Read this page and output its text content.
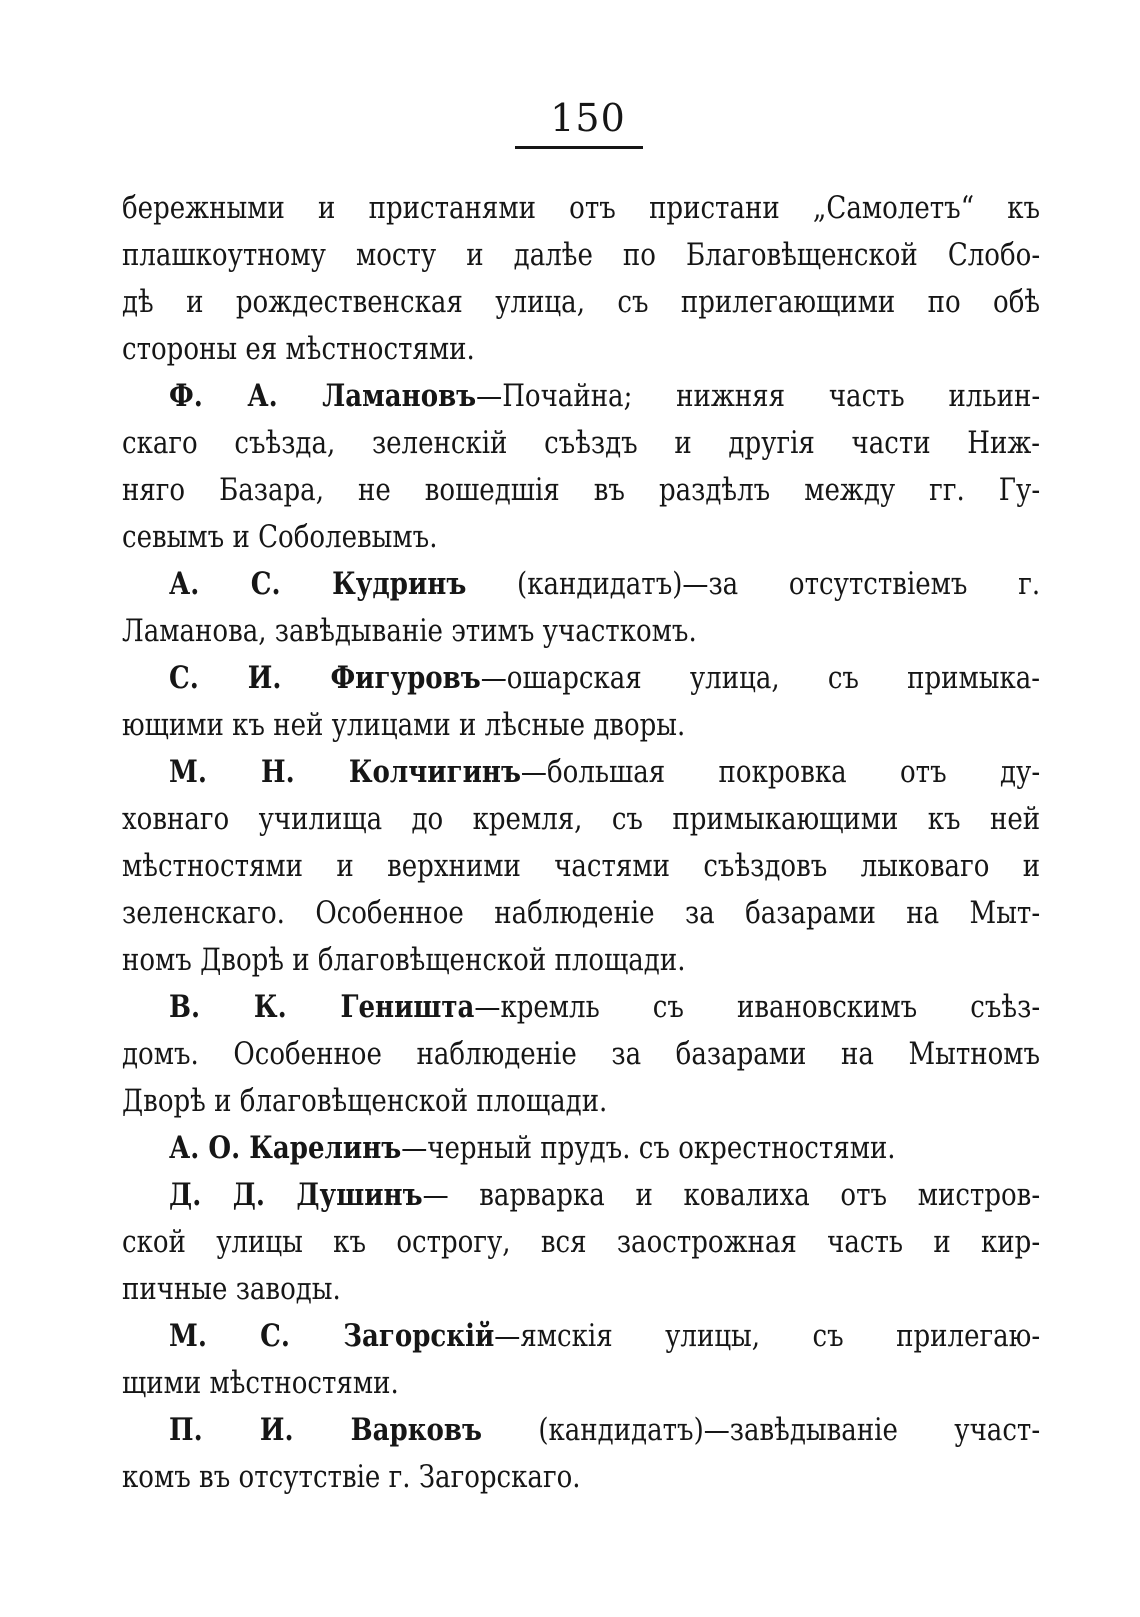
150
бережными и пристанями отъ пристани „Самолетъ“ къ
плашкоутному мосту и далѣе по Благовѣщенской Слобо-
дѣ и рождественская улица, съ прилегающими по обѣ
стороны ея мѣстностями.
Ф. А. Ламановъ—Почайна; нижняя часть ильин-
скаго съѣзда, зеленскій съѣздъ и другія части Ниж-
няго Базара, не вошедшія въ раздѣлъ между гг. Гу-
севымъ и Соболевымъ.
А. С. Кудринъ (кандидатъ)—за отсутствіемъ г.
Ламанова, завѣдываніе этимъ участкомъ.
С. И. Фигуровъ—ошарская улица, съ примыка-
ющими къ ней улицами и лѣсные дворы.
М. Н. Колчигинъ—большая покровка отъ ду-
ховнаго училища до кремля, съ примыкающими къ ней
мѣстностями и верхними частями съѣздовъ лыковаго и
зеленскаго. Особенное наблюденіе за базарами на Мыт-
номъ Дворѣ и благовѣщенской площади.
В. К. Геништа—кремль съ ивановскимъ съѣз-
домъ. Особенное наблюденіе за базарами на Мытномъ
Дворѣ и благовѣщенской площади.
А. О. Карелинъ—черный прудъ. съ окрестностями.
Д. Д. Душинъ— варварка и ковалиха отъ мистров-
ской улицы къ острогу, вся заострожная часть и кир-
пичные заводы.
М. С. Загорскій—ямскія улицы, съ прилегаю-
щими мѣстностями.
П. И. Варковъ (кандидатъ)—завѣдываніе участ-
комъ въ отсутствіе г. Загорскаго.
